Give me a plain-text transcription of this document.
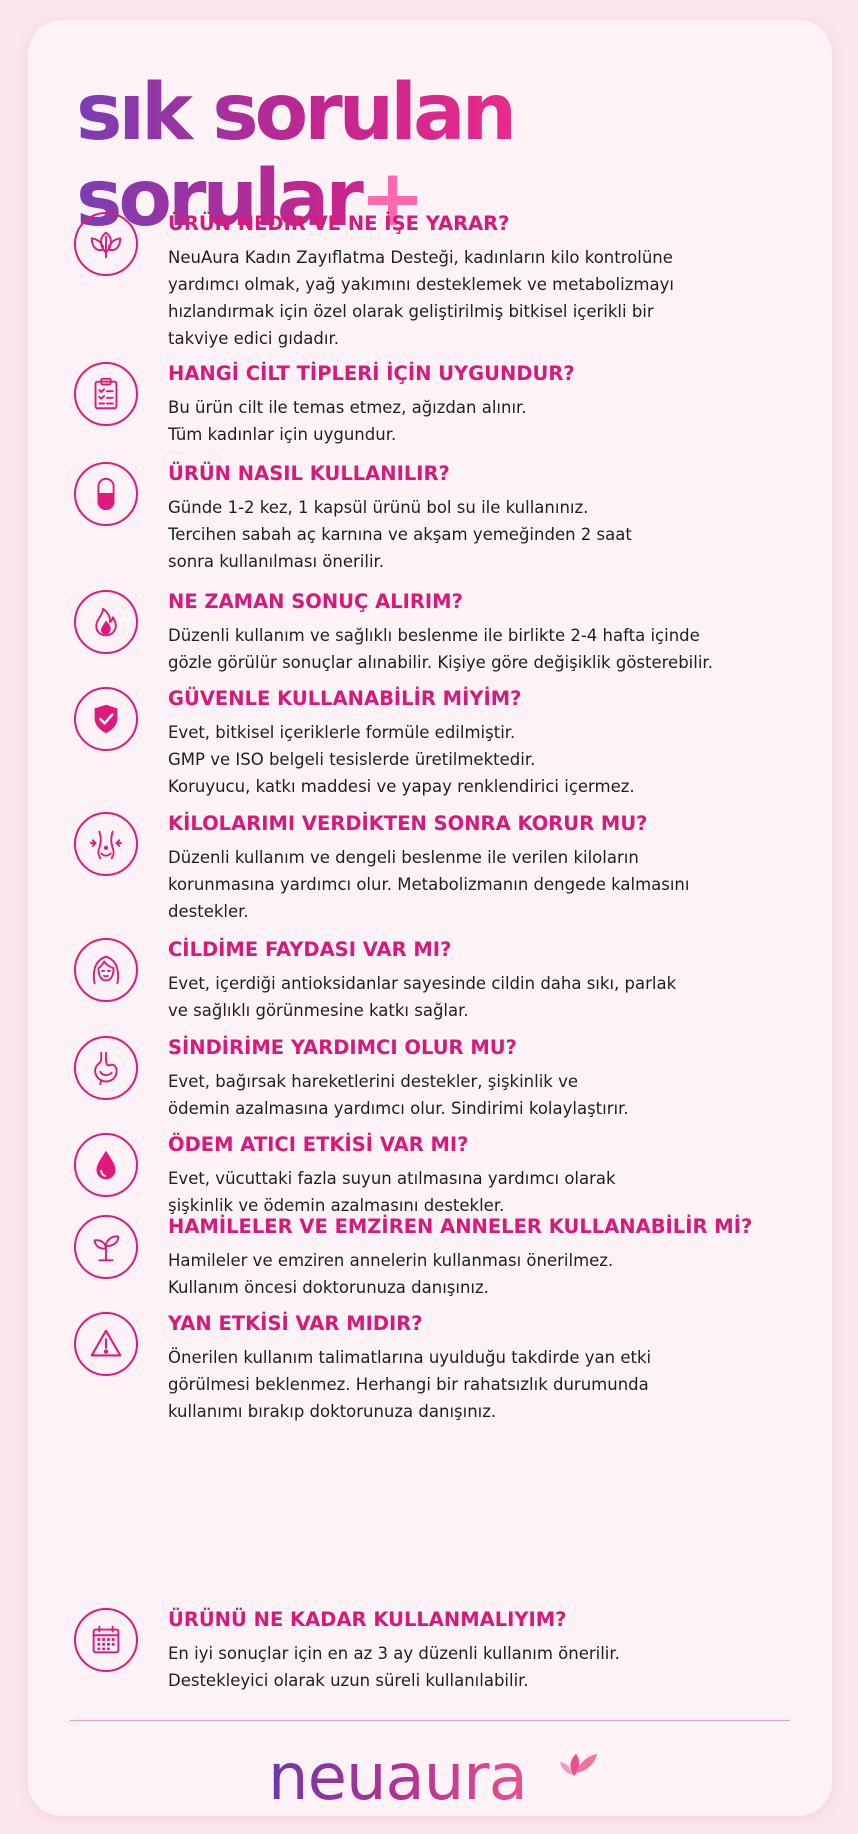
sık sorulan
sorular+
ÜRÜN NEDİR VE NE İŞE YARAR?
NeuAura Kadın Zayıflatma Desteği, kadınların kilo kontrolüne
yardımcı olmak, yağ yakımını desteklemek ve metabolizmayı
hızlandırmak için özel olarak geliştirilmiş bitkisel içerikli bir
takviye edici gıdadır.
HANGİ CİLT TİPLERİ İÇİN UYGUNDUR?
Bu ürün cilt ile temas etmez, ağızdan alınır.
Tüm kadınlar için uygundur.
ÜRÜN NASIL KULLANILIR?
Günde 1-2 kez, 1 kapsül ürünü bol su ile kullanınız.
Tercihen sabah aç karnına ve akşam yemeğinden 2 saat
sonra kullanılması önerilir.
NE ZAMAN SONUÇ ALIRIM?
Düzenli kullanım ve sağlıklı beslenme ile birlikte 2-4 hafta içinde
gözle görülür sonuçlar alınabilir. Kişiye göre değişiklik gösterebilir.
GÜVENLE KULLANABİLİR MİYİM?
Evet, bitkisel içeriklerle formüle edilmiştir.
GMP ve ISO belgeli tesislerde üretilmektedir.
Koruyucu, katkı maddesi ve yapay renklendirici içermez.
KİLOLARIMI VERDİKTEN SONRA KORUR MU?
Düzenli kullanım ve dengeli beslenme ile verilen kiloların
korunmasına yardımcı olur. Metabolizmanın dengede kalmasını
destekler.
CİLDİME FAYDASI VAR MI?
Evet, içerdiği antioksidanlar sayesinde cildin daha sıkı, parlak
ve sağlıklı görünmesine katkı sağlar.
SİNDİRİME YARDIMCI OLUR MU?
Evet, bağırsak hareketlerini destekler, şişkinlik ve
ödemin azalmasına yardımcı olur. Sindirimi kolaylaştırır.
ÖDEM ATICI ETKİSİ VAR MI?
Evet, vücuttaki fazla suyun atılmasına yardımcı olarak
şişkinlik ve ödemin azalmasını destekler.
HAMİLELER VE EMZİREN ANNELER KULLANABİLİR Mİ?
Hamileler ve emziren annelerin kullanması önerilmez.
Kullanım öncesi doktorunuza danışınız.
YAN ETKİSİ VAR MIDIR?
Önerilen kullanım talimatlarına uyulduğu takdirde yan etki
görülmesi beklenmez. Herhangi bir rahatsızlık durumunda
kullanımı bırakıp doktorunuza danışınız.
ÜRÜNÜ NE KADAR KULLANMALIYIM?
En iyi sonuçlar için en az 3 ay düzenli kullanım önerilir.
Destekleyici olarak uzun süreli kullanılabilir.
neuaura
